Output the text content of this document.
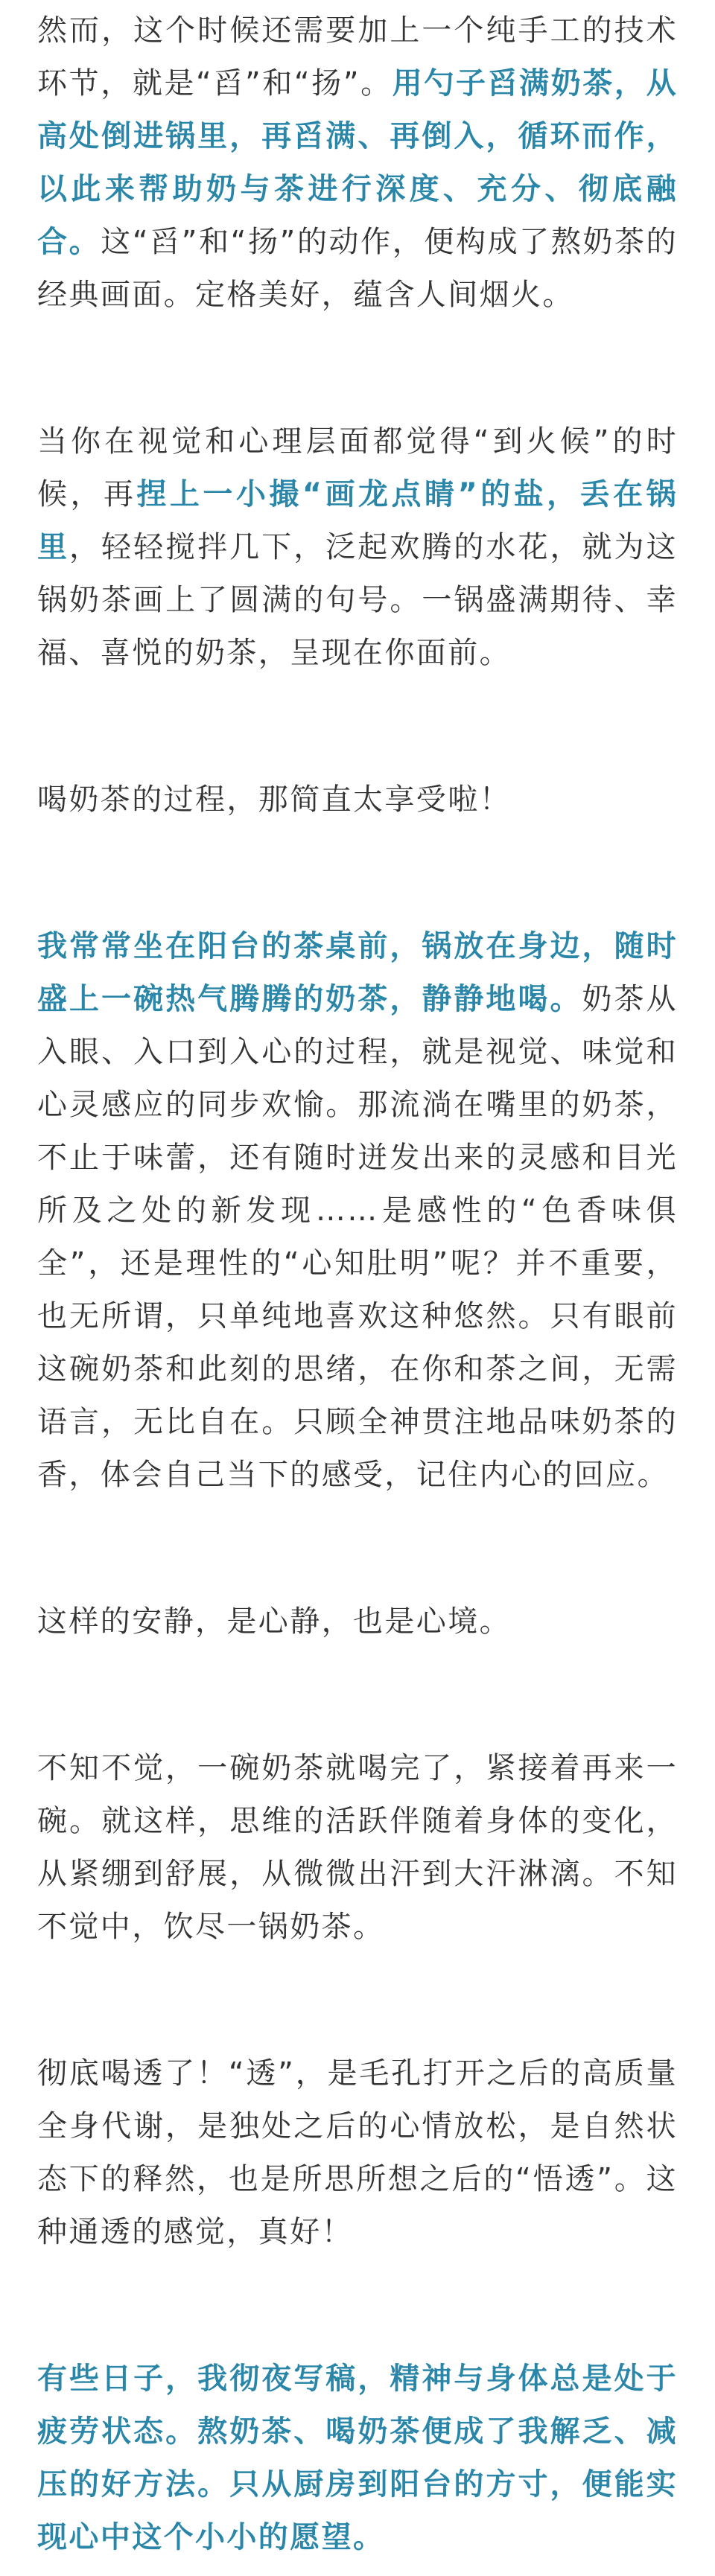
然而，这个时候还需要加上一个纯手工的技术环节，就是“舀”和“扬”。用勺子舀满奶茶，从高处倒进锅里，再舀满、再倒入，循环而作，以此来帮助奶与茶进行深度、充分、彻底融合。这“舀”和“扬”的动作，便构成了熬奶茶的经典画面。定格美好，蕴含人间烟火。

当你在视觉和心理层面都觉得“到火候”的时候，再捏上一小撮“画龙点睛”的盐，丢在锅里，轻轻搅拌几下，泛起欢腾的水花，就为这锅奶茶画上了圆满的句号。一锅盛满期待、幸福、喜悦的奶茶，呈现在你面前。

喝奶茶的过程，那简直太享受啦！

我常常坐在阳台的茶桌前，锅放在身边，随时盛上一碗热气腾腾的奶茶，静静地喝。奶茶从入眼、入口到入心的过程，就是视觉、味觉和心灵感应的同步欢愉。那流淌在嘴里的奶茶，不止于味蕾，还有随时迸发出来的灵感和目光所及之处的新发现……是感性的“色香味俱全”，还是理性的“心知肚明”呢？并不重要，也无所谓，只单纯地喜欢这种悠然。只有眼前这碗奶茶和此刻的思绪，在你和茶之间，无需语言，无比自在。只顾全神贯注地品味奶茶的香，体会自己当下的感受，记住内心的回应。

这样的安静，是心静，也是心境。

不知不觉，一碗奶茶就喝完了，紧接着再来一碗。就这样，思维的活跃伴随着身体的变化，从紧绷到舒展，从微微出汗到大汗淋漓。不知不觉中，饮尽一锅奶茶。

彻底喝透了！“透”，是毛孔打开之后的高质量全身代谢，是独处之后的心情放松，是自然状态下的释然，也是所思所想之后的“悟透”。这种通透的感觉，真好！

有些日子，我彻夜写稿，精神与身体总是处于疲劳状态。熬奶茶、喝奶茶便成了我解乏、减压的好方法。只从厨房到阳台的方寸，便能实现心中这个小小的愿望。
